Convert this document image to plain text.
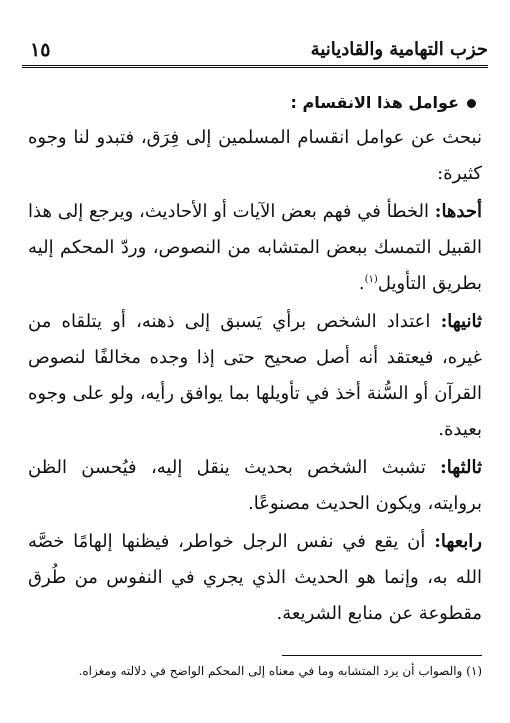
حزب التهامية والقاديانية
١٥
عوامل هذا الانقسام :

نبحث عن عوامل انقسام المسلمين إلى فِرَق، فتبدو لنا وجوه كثيرة:

أحدها: الخطأ في فهم بعض الآيات أو الأحاديث، ويرجع إلى هذا القبيل التمسك ببعض المتشابه من النصوص، وردّ المحكم إليه بطريق التأويل$^{(١)}$.

ثانيها: اعتداد الشخص برأي يَسبق إلى ذهنه، أو يتلقاه من غيره، فيعتقد أنه أصل صحيح حتى إذا وجده مخالفًا لنصوص القرآن أو السُّنة أخذ في تأويلها بما يوافق رأيه، ولو على وجوه بعيدة.

ثالثها: تشبث الشخص بحديث ينقل إليه، فيُحسن الظن بروايته، ويكون الحديث مصنوعًا.

رابعها: أن يقع في نفس الرجل خواطر، فيظنها إلهامًا خصَّه الله به، وإنما هو الحديث الذي يجري في النفوس من طُرق مقطوعة عن منابع الشريعة.

(١) والصواب أن يرد المتشابه وما في معناه إلى المحكم الواضح في دلالته ومغزاه.
